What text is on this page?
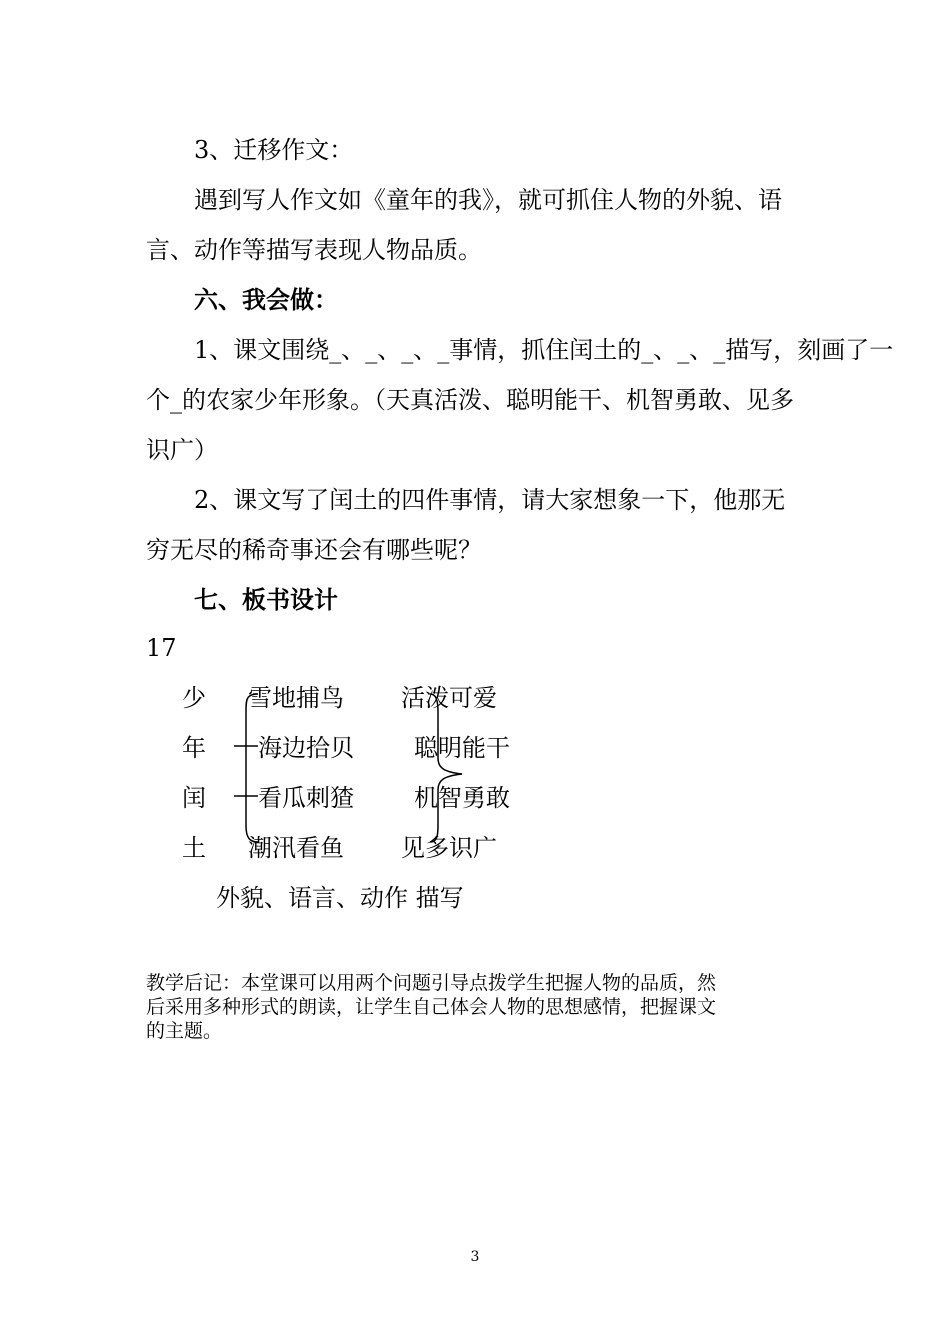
3、迁移作文：
遇到写人作文如《童年的我》，就可抓住人物的外貌、语
言、动作等描写表现人物品质。
六、我会做：
1、课文围绕_、_、_、_事情，抓住闰土的_、_、_描写，刻画了一
个_的农家少年形象。（天真活泼、聪明能干、机智勇敢、见多
识广）
2、课文写了闰土的四件事情，请大家想象一下，他那无
穷无尽的稀奇事还会有哪些呢？
七、板书设计
17
少
年
闰
土
雪地捕鸟
海边拾贝
看瓜刺猹
潮汛看鱼
活泼可爱
聪明能干
机智勇敢
见多识广
外貌、语言、动作 描写
教学后记：本堂课可以用两个问题引导点拨学生把握人物的品质，然
后采用多种形式的朗读，让学生自己体会人物的思想感情，把握课文
的主题。
3
